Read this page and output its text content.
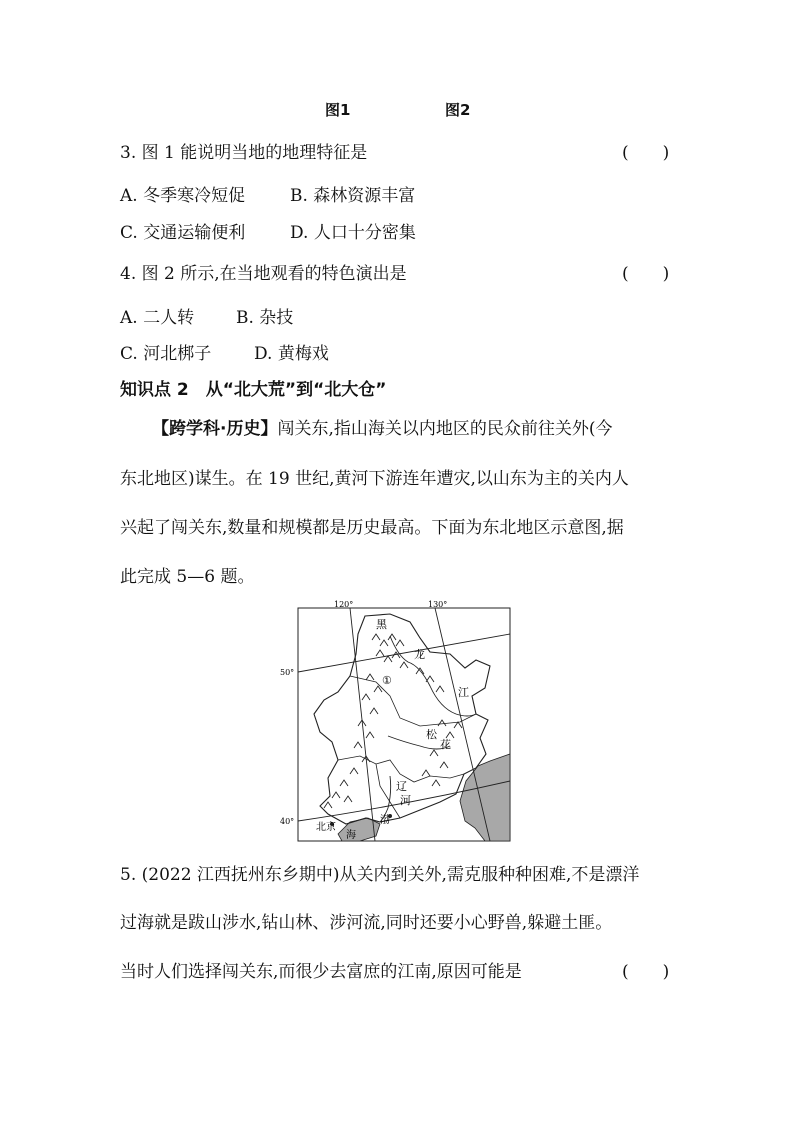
图1	图2
3. 图 1 能说明当地的地理特征是	(　　)
A. 冬季寒冷短促	B. 森林资源丰富
C. 交通运输便利	D. 人口十分密集
4. 图 2 所示,在当地观看的特色演出是	(　　)
A. 二人转 B. 杂技
C. 河北梆子	D. 黄梅戏
知识点 2　从“北大荒”到“北大仓”
【跨学科·历史】闯关东,指山海关以内地区的民众前往关外(今
东北地区)谋生。在 19 世纪,黄河下游连年遭灾,以山东为主的关内人
兴起了闯关东,数量和规模都是历史最高。下面为东北地区示意图,据
此完成 5—6 题。
120°	130°
50°
40°
黑
龙
江
松
花
辽
河
北京
渤
海
①
5. (2022 江西抚州东乡期中)从关内到关外,需克服种种困难,不是漂洋
过海就是跋山涉水,钻山林、涉河流,同时还要小心野兽,躲避土匪。
当时人们选择闯关东,而很少去富庶的江南,原因可能是	(　　)
